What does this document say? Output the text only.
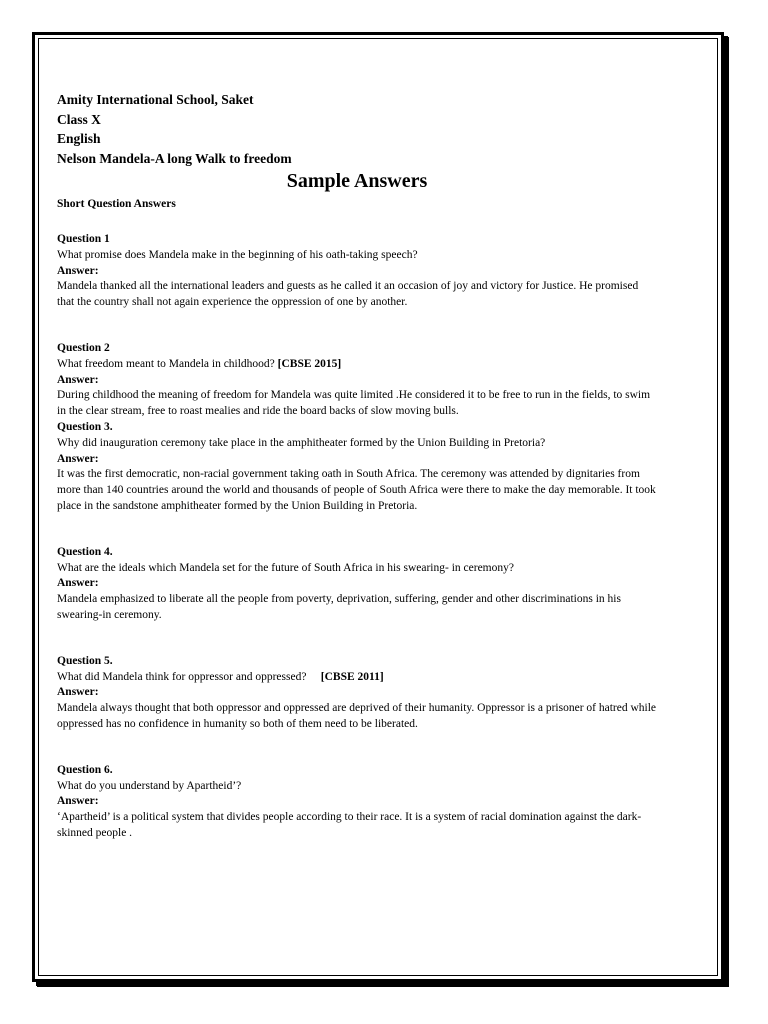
Amity International School, Saket

Class X

English

Nelson Mandela-A long Walk to freedom

Sample Answers
Short Question Answers
Question 1
What promise does Mandela make in the beginning of his oath-taking speech?
Answer:
Mandela thanked all the international leaders and guests as he called it an occasion of joy and victory for Justice. He promised that the country shall not again experience the oppression of one by another.
Question 2
What freedom meant to Mandela in childhood? [CBSE 2015]
Answer:
During childhood the meaning of freedom for Mandela was quite limited .He considered it to be free to run in the fields, to swim in the clear stream, free to roast mealies and ride the board backs of slow moving bulls.
Question 3.
Why did inauguration ceremony take place in the amphitheater formed by the Union Building in Pretoria?
Answer:
It was the first democratic, non-racial government taking oath in South Africa. The ceremony was attended by dignitaries from more than 140 countries around the world and thousands of people of South Africa were there to make the day memorable. It took place in the sandstone amphitheater formed by the Union Building in Pretoria.
Question 4.
What are the ideals which Mandela set for the future of South Africa in his swearing- in ceremony?
Answer:
Mandela emphasized to liberate all the people from poverty, deprivation, suffering, gender and other discriminations in his swearing-in ceremony.
Question 5.
What did Mandela think for oppressor and oppressed?     [CBSE 2011]
Answer:
Mandela always thought that both oppressor and oppressed are deprived of their humanity. Oppressor is a prisoner of hatred while oppressed has no confidence in humanity so both of them need to be liberated.
Question 6.
What do you understand by Apartheid’?
Answer:
‘Apartheid’ is a political system that divides people according to their race. It is a system of racial domination against the dark-skinned people .
